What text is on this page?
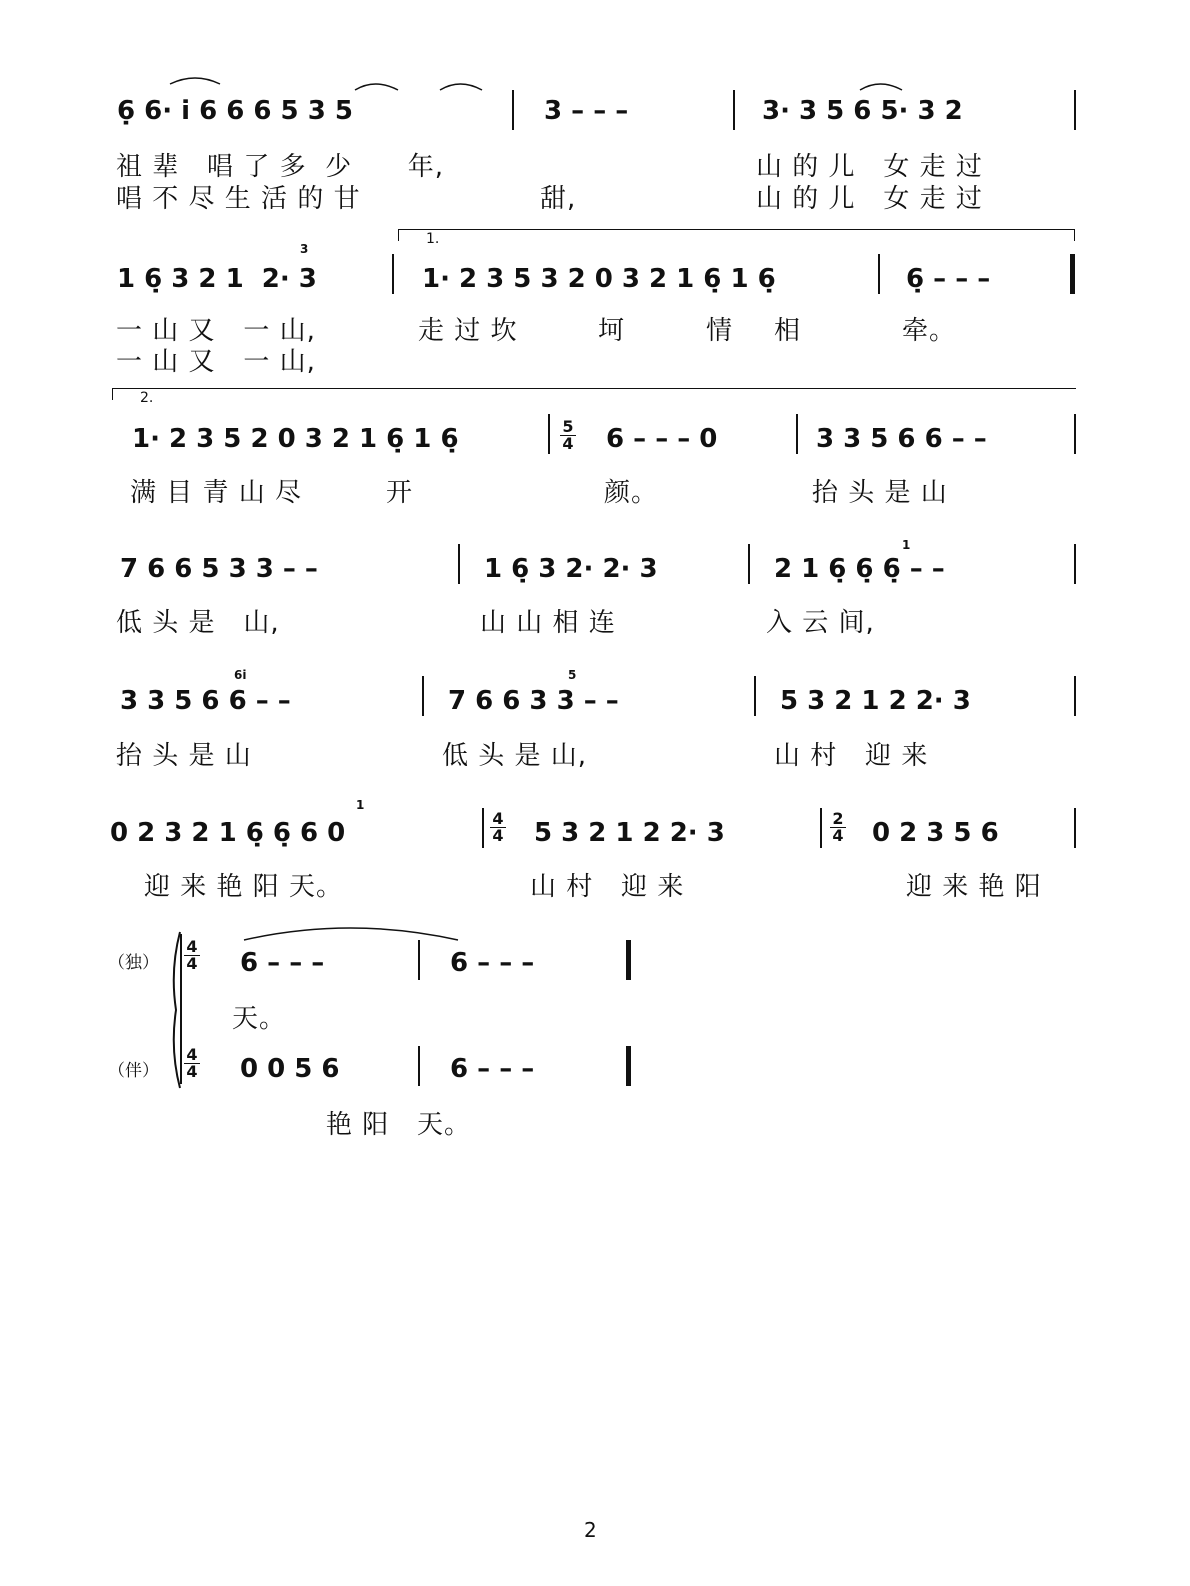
6̣ 6· i̇ 6 6 6 5 3 5	3 – – –	3· 3 5 6 5· 3 2
祖 辈   唱 了 多  少      年,	山 的 儿   女 走 过
唱 不 尽 生 活 的 甘	甜,	山 的 儿   女 走 过
1.
3
1 6̣ 3 2 1  2· 3	1· 2 3 5 3 2 0 3 2 1 6̣ 1 6̣	6̣ – – –
一 山 又   一 山,	走 过 坎	坷	情 相	牵。
一 山 又   一 山,
2.
1· 2 3 5 2 0 3 2 1 6̣ 1 6̣	5
4 6 – – – 0	3 3 5 6 6 – –
满 目 青 山 尽	开	颜。	抬 头 是 山
1
7 6 6 5 3 3 – –	1 6̣ 3 2· 2· 3	2 1 6̣ 6̣ 6̣ – –
低 头 是   山,	山 山 相 连	入 云 间,
6i	5
3 3 5 6 6 – –	7 6 6 3 3 – –	5 3 2 1 2 2· 3
抬 头 是 山	低 头 是 山,	山 村   迎 来
1
0 2 3 2 1 6̣ 6̣ 6 0	4
4 5 3 2 1 2 2· 3	2
4 0 2 3 5 6
迎 来 艳 阳 天。	山 村   迎 来	迎 来 艳 阳
（独）
（伴）
4
4 6 – – –	6 – – –
天。
4
4 0 0 5 6	6 – – –
艳 阳   天。
2
